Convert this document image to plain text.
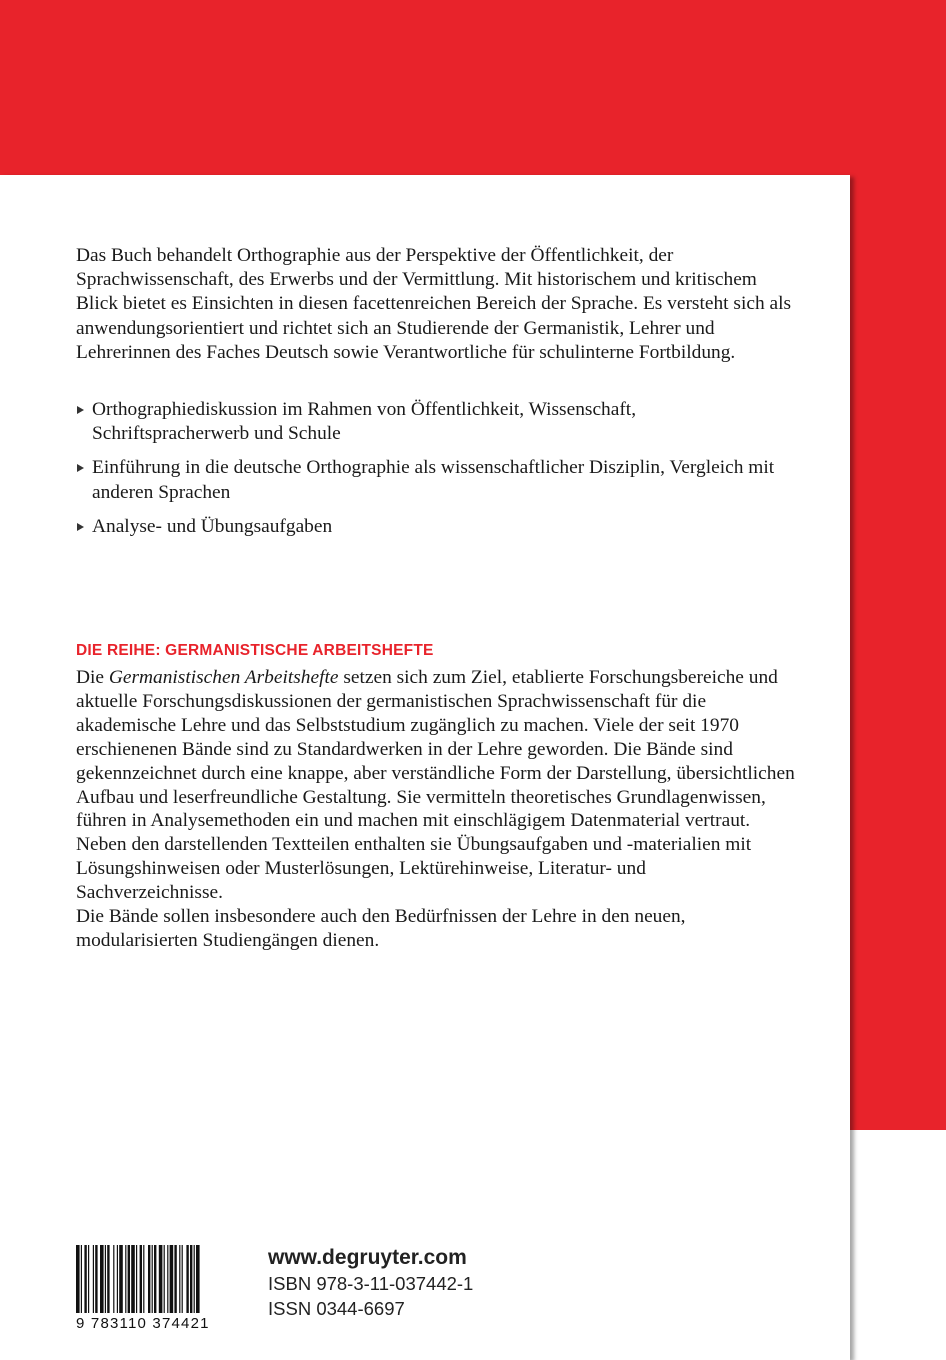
Das Buch behandelt Orthographie aus der Perspektive der Öffentlichkeit, der Sprachwissenschaft, des Erwerbs und der Vermittlung. Mit historischem und kritischem Blick bietet es Einsichten in diesen facettenreichen Bereich der Sprache. Es versteht sich als anwendungsorientiert und richtet sich an Studierende der Germanistik, Lehrer und Lehrerinnen des Faches Deutsch sowie Verantwortliche für schulinterne Fortbildung.

Orthographiediskussion im Rahmen von Öffentlichkeit, Wissenschaft, Schriftspracherwerb und Schule
Einführung in die deutsche Orthographie als wissenschaftlicher Disziplin, Vergleich mit anderen Sprachen
Analyse- und Übungsaufgaben
DIE REIHE: GERMANISTISCHE ARBEITSHEFTE

Die Germanistischen Arbeitshefte setzen sich zum Ziel, etablierte Forschungsbereiche und aktuelle Forschungsdiskussionen der germanistischen Sprachwissenschaft für die akademische Lehre und das Selbststudium zugänglich zu machen. Viele der seit 1970 erschienenen Bände sind zu Standardwerken in der Lehre geworden. Die Bände sind gekennzeichnet durch eine knappe, aber verständliche Form der Darstellung, übersichtlichen Aufbau und leserfreundliche Gestaltung. Sie vermitteln theoretisches Grundlagenwissen, führen in Analysemethoden ein und machen mit einschlägigem Datenmaterial vertraut. Neben den darstellenden Textteilen enthalten sie Übungsaufgaben und -materialien mit Lösungshinweisen oder Musterlösungen, Lektürehinweise, Literatur- und Sachverzeichnisse.
Die Bände sollen insbesondere auch den Bedürfnissen der Lehre in den neuen, modularisierten Studiengängen dienen.

9 783110 374421
www.degruyter.com
ISBN 978-3-11-037442-1
ISSN 0344-6697
